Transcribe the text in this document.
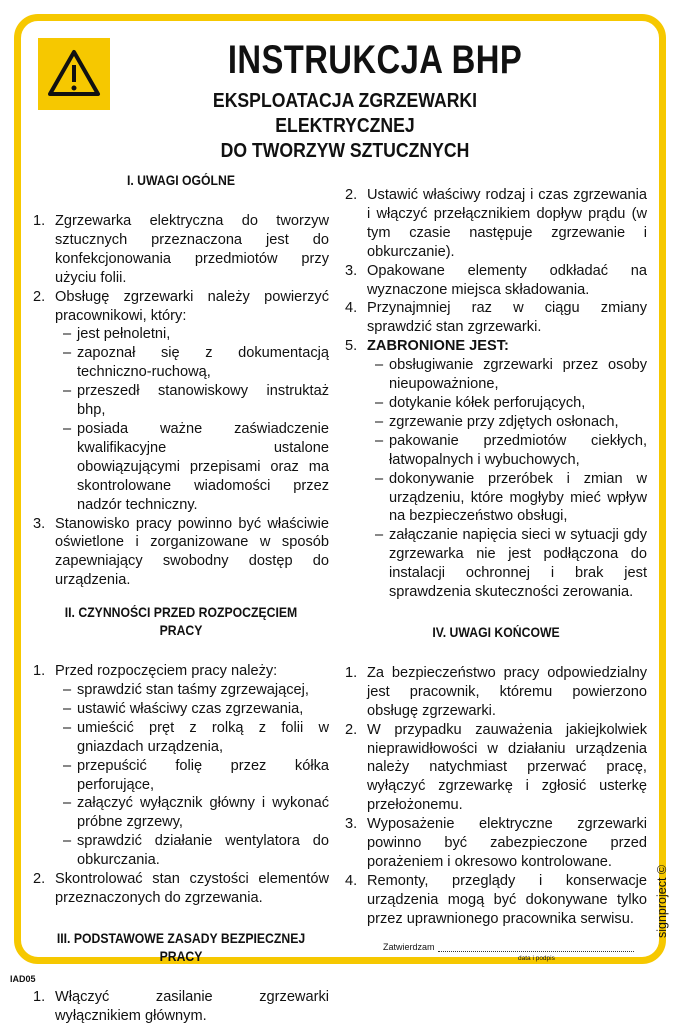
INSTRUKCJA BHP
EKSPLOATACJA ZGRZEWARKI ELEKTRYCZNEJ
DO TWORZYW SZTUCZNYCH
I. UWAGI OGÓLNE
1. Zgrzewarka elektryczna do tworzyw sztucznych przeznaczona jest do konfekcjonowania przedmiotów przy użyciu folii.
2. Obsługę zgrzewarki należy powierzyć pracownikowi, który:
– jest pełnoletni,
– zapoznał się z dokumentacją techniczno-ruchową,
– przeszedł stanowiskowy instruktaż bhp,
– posiada ważne zaświadczenie kwalifikacyjne ustalone obowiązującymi przepisami oraz ma skontrolowane wiadomości przez nadzór techniczny.
3. Stanowisko pracy powinno być właściwie oświetlone i zorganizowane w sposób zapewniający swobodny dostęp do urządzenia.
II. CZYNNOŚCI PRZED ROZPOCZĘCIEM PRACY
1. Przed rozpoczęciem pracy należy:
– sprawdzić stan taśmy zgrzewającej,
– ustawić właściwy czas zgrzewania,
– umieścić pręt z rolką z folii w gniazdach urządzenia,
– przepuścić folię przez kółka perforujące,
– załączyć wyłącznik główny i wykonać próbne zgrzewy,
– sprawdzić działanie wentylatora do obkurczania.
2. Skontrolować stan czystości elementów przeznaczonych do zgrzewania.
III. PODSTAWOWE ZASADY BEZPIECZNEJ
PRACY
1. Włączyć zasilanie zgrzewarki wyłącznikiem głównym.
2. Ustawić właściwy rodzaj i czas zgrzewania i włączyć przełącznikiem dopływ prądu (w tym czasie następuje zgrzewanie i obkurczanie).
3. Opakowane elementy odkładać na wyznaczone miejsca składowania.
4. Przynajmniej raz w ciągu zmiany sprawdzić stan zgrzewarki.
5. ZABRONIONE JEST:
– obsługiwanie zgrzewarki przez osoby nieupoważnione,
– dotykanie kółek perforujących,
– zgrzewanie przy zdjętych osłonach,
– pakowanie przedmiotów ciekłych, łatwopalnych i wybuchowych,
– dokonywanie przeróbek i zmian w urządzeniu, które mogłyby mieć wpływ na bezpieczeństwo obsługi,
– załączanie napięcia sieci w sytuacji gdy zgrzewarka nie jest podłączona do instalacji ochronnej i brak jest sprawdzenia skuteczności zerowania.
IV. UWAGI KOŃCOWE
1. Za bezpieczeństwo pracy odpowiedzialny jest pracownik, któremu powierzono obsługę zgrzewarki.
2. W przypadku zauważenia jakiejkolwiek nieprawidłowości w działaniu urządzenia należy natychmiast przerwać pracę, wyłączyć zgrzewarkę i zgłosić usterkę przełożonemu.
3. Wyposażenie elektryczne zgrzewarki powinno być zabezpieczone przed porażeniem i okresowo kontrolowane.
4. Remonty, przeglądy i konserwacje urządzenia mogą być dokonywane tylko przez uprawnionego pracownika serwisu.
Zatwierdzam
data i podpis
IAD05
signproject ©
